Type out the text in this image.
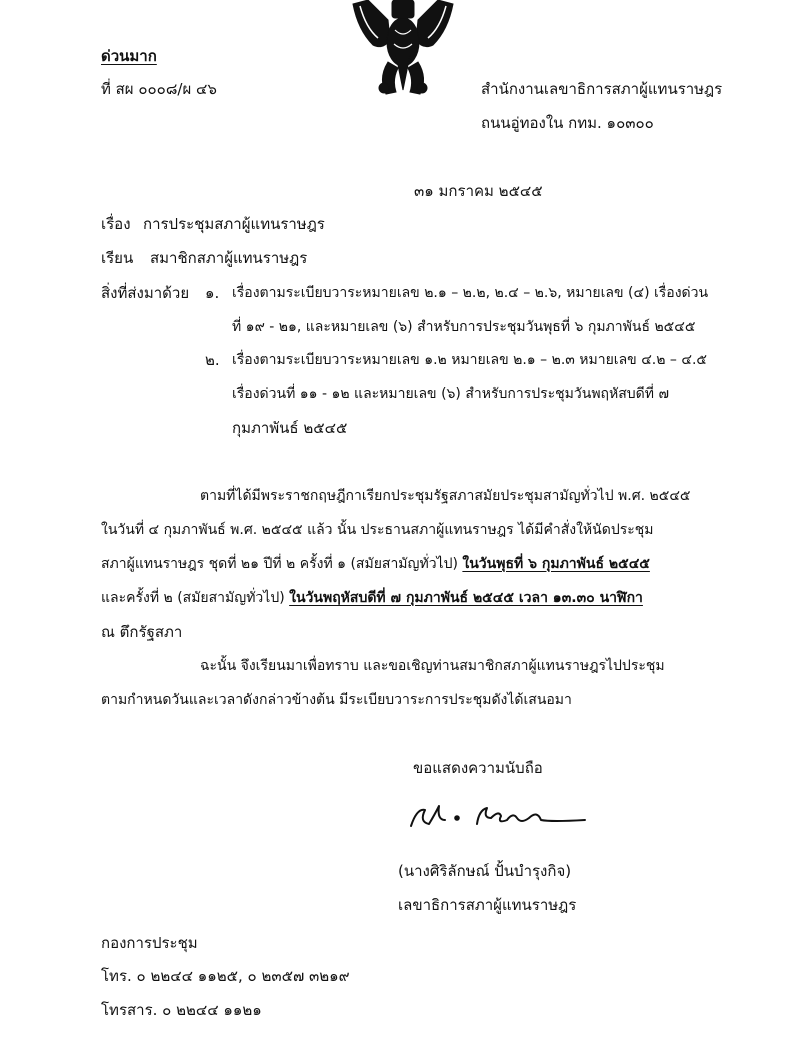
ด่วนมาก
ที่ สผ ๐๐๐๘/ผ ๔๖	สำนักงานเลขาธิการสภาผู้แทนราษฎร
ถนนอู่ทองใน กทม. ๑๐๓๐๐
๓๑ มกราคม ๒๕๔๕
เรื่อง การประชุมสภาผู้แทนราษฎร
เรียน สมาชิกสภาผู้แทนราษฎร
สิ่งที่ส่งมาด้วย ๑. เรื่องตามระเบียบวาระหมายเลข ๒.๑ – ๒.๒, ๒.๔ – ๒.๖, หมายเลข (๔) เรื่องด่วน
ที่ ๑๙ - ๒๑, และหมายเลข (๖) สำหรับการประชุมวันพุธที่ ๖ กุมภาพันธ์ ๒๕๔๕
๒. เรื่องตามระเบียบวาระหมายเลข ๑.๒ หมายเลข ๒.๑ – ๒.๓ หมายเลข ๔.๒ – ๔.๕
เรื่องด่วนที่ ๑๑ - ๑๒ และหมายเลข (๖) สำหรับการประชุมวันพฤหัสบดีที่ ๗
กุมภาพันธ์ ๒๕๔๕
ตามที่ได้มีพระราชกฤษฎีกาเรียกประชุมรัฐสภาสมัยประชุมสามัญทั่วไป พ.ศ. ๒๕๔๕
ในวันที่ ๔ กุมภาพันธ์ พ.ศ. ๒๕๔๕ แล้ว นั้น ประธานสภาผู้แทนราษฎร ได้มีคำสั่งให้นัดประชุม
สภาผู้แทนราษฎร ชุดที่ ๒๑ ปีที่ ๒ ครั้งที่ ๑ (สมัยสามัญทั่วไป) ในวันพุธที่ ๖ กุมภาพันธ์ ๒๕๔๕
และครั้งที่ ๒ (สมัยสามัญทั่วไป) ในวันพฤหัสบดีที่ ๗ กุมภาพันธ์ ๒๕๔๕ เวลา ๑๓.๓๐ นาฬิกา
ณ ตึกรัฐสภา
ฉะนั้น จึงเรียนมาเพื่อทราบ และขอเชิญท่านสมาชิกสภาผู้แทนราษฎรไปประชุม
ตามกำหนดวันและเวลาดังกล่าวข้างต้น มีระเบียบวาระการประชุมดังได้เสนอมา
ขอแสดงความนับถือ
(นางศิริลักษณ์ ปั้นบำรุงกิจ)
เลขาธิการสภาผู้แทนราษฎร
กองการประชุม
โทร. ๐ ๒๒๔๔ ๑๑๒๕, ๐ ๒๓๕๗ ๓๒๑๙
โทรสาร. ๐ ๒๒๔๔ ๑๑๒๑
